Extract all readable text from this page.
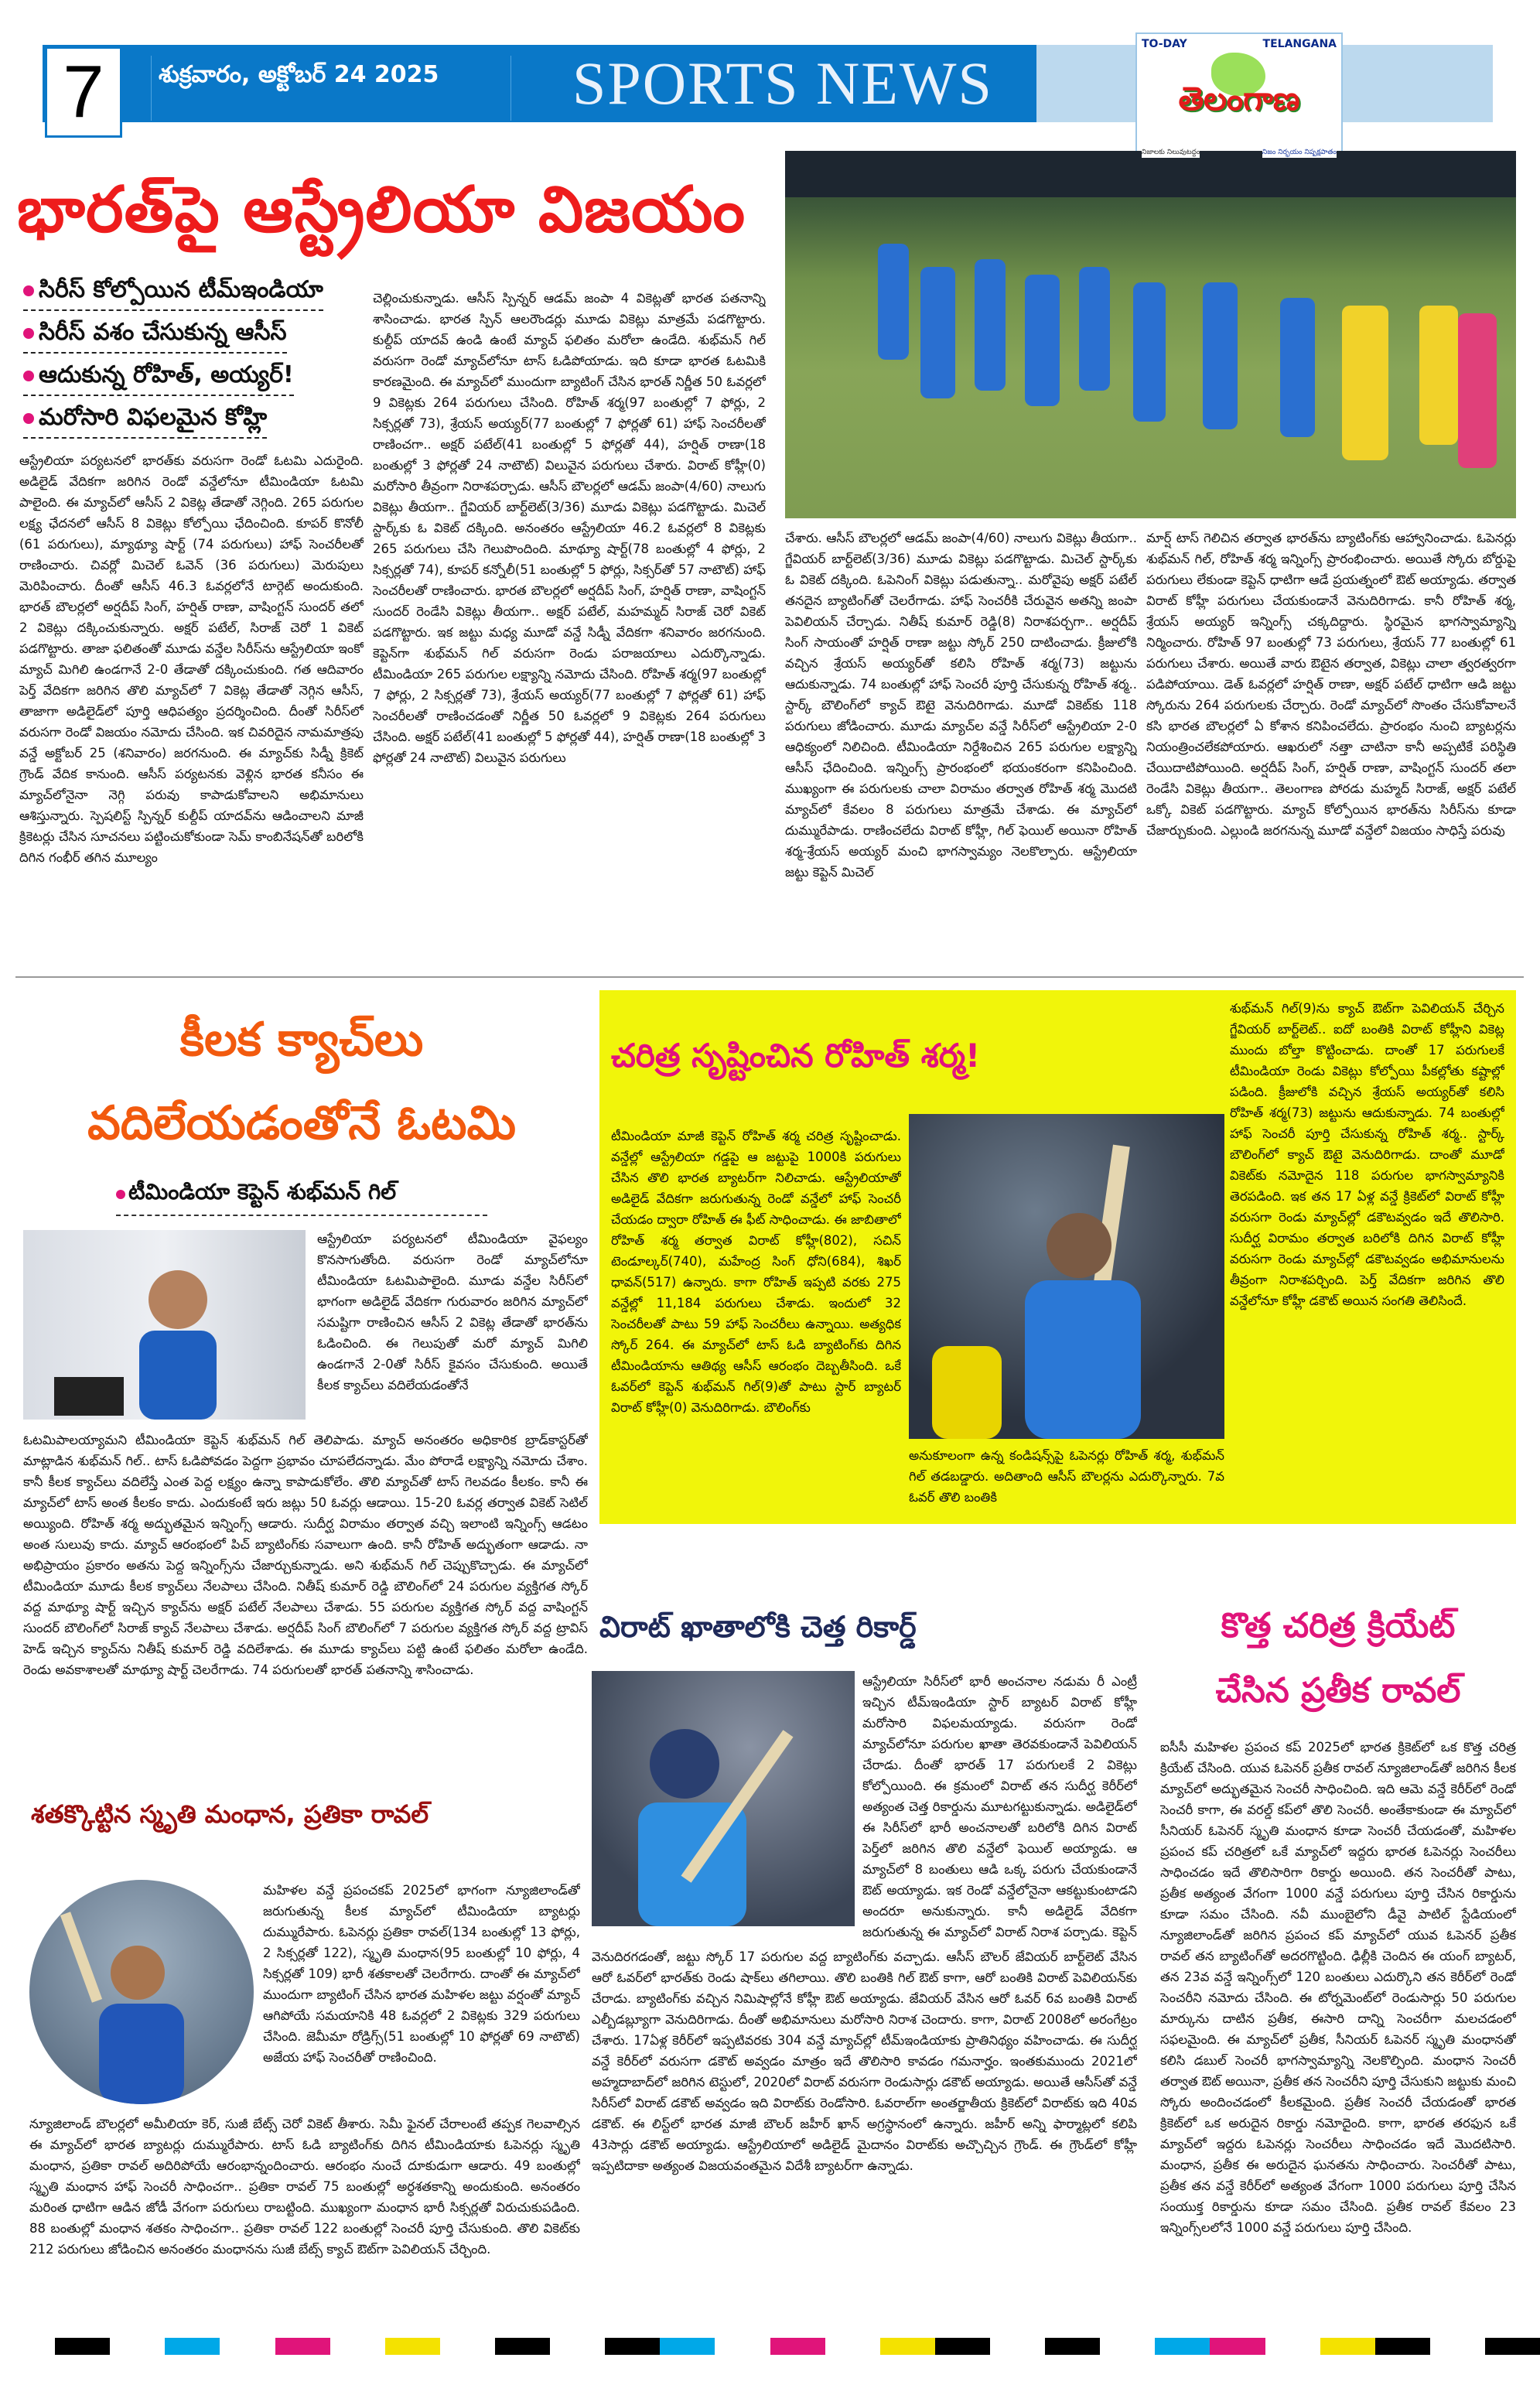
7	శుక్రవారం, అక్టోబర్ 24 2025 SPORTS NEWS
TO-DAY	TELANGANA
తెలంగాణ
నిజాలకు నిలువుటద్దం	నిజం నిర్భయం నిష్పక్షపాతం
భారత్‌పై ఆస్ట్రేలియా విజయం
సిరీస్ కోల్పోయిన టీమ్‌ఇండియా
సిరీస్ వశం చేసుకున్న ఆసీస్
ఆదుకున్న రోహిత్, అయ్యర్!
మరోసారి విఫలమైన కోహ్లి
ఆస్ట్రేలియా పర్యటనలో భారత్‌కు వరుసగా రెండో ఓటమి ఎదురైంది. అడిలైడ్ వేదికగా జరిగిన రెండో వన్డేలోనూ టీమిండియా ఓటమి పాలైంది. ఈ మ్యాచ్‌లో ఆసీస్ 2 వికెట్ల తేడాతో నెగ్గింది. 265 పరుగుల లక్ష్య ఛేదనలో ఆసీస్ 8 వికెట్లు కోల్పోయి ఛేదించింది. కూపర్ కొనోలీ (61 పరుగులు), మ్యాథ్యూ షార్ట్ (74 పరుగులు) హాఫ్ సెంచరీలతో రాణించారు. చివర్లో మిచెల్ ఓవెన్ (36 పరుగులు) మెరుపులు మెరిపించారు. దీంతో ఆసీస్ 46.3 ఓవర్లలోనే టార్గెట్ అందుకుంది. భారత్ బౌలర్లలో అర్షదీప్ సింగ్, హర్షిత్ రాణా, వాషింగ్టన్ సుందర్ తలో 2 వికెట్లు దక్కించుకున్నారు. అక్షర్ పటేల్, సిరాజ్ చెరో 1 వికెట్ పడగొట్టారు. తాజా ఫలితంతో మూడు వన్డేల సిరీస్‌ను ఆస్ట్రేలియా ఇంకో మ్యాచ్ మిగిలి ఉండగానే 2-0 తేడాతో దక్కించుకుంది. గత ఆదివారం పెర్త్ వేదికగా జరిగిన తొలి మ్యాచ్‌లో 7 వికెట్ల తేడాతో నెగ్గిన ఆసీస్, తాజాగా అడిలైడ్‌లో పూర్తి ఆధిపత్యం ప్రదర్శించింది. దీంతో సిరీస్‌లో వరుసగా రెండో విజయం నమోదు చేసింది. ఇక చివరిదైన నామమాత్రపు వన్డే అక్టోబర్ 25 (శనివారం) జరగనుంది. ఈ మ్యాచ్‌కు సిడ్నీ క్రికెట్ గ్రౌండ్ వేదిక కానుంది. ఆసీస్ పర్యటనకు వెళ్లిన భారత కనీసం ఈ మ్యాచ్‌లోనైనా నెగ్గి పరువు కాపాడుకోవాలని అభిమానులు ఆశిస్తున్నారు. స్పెషలిస్ట్ స్పిన్నర్ కుల్దీప్ యాదవ్‌ను ఆడించాలని మాజీ క్రికెటర్లు చేసిన సూచనలు పట్టించుకోకుండా సెమ్ కాంబినేషన్‌తో బరిలోకి దిగిన గంభీర్ తగిన మూల్యం
చెల్లించుకున్నాడు. ఆసీస్ స్పిన్నర్ ఆడమ్ జంపా 4 వికెట్లతో భారత పతనాన్ని శాసించాడు. భారత స్పిన్ ఆలరౌండర్లు మూడు వికెట్లు మాత్రమే పడగొట్టారు. కుల్దీప్ యాదవ్ ఉండి ఉంటే మ్యాచ్ ఫలితం మరోలా ఉండేది. శుభ్‌మన్ గిల్ వరుసగా రెండో మ్యాచ్‌లోనూ టాస్ ఓడిపోయాడు. ఇది కూడా భారత ఓటమికి కారణమైంది. ఈ మ్యాచ్‌లో ముందుగా బ్యాటింగ్ చేసిన భారత్ నిర్ణీత 50 ఓవర్లలో 9 వికెట్లకు 264 పరుగులు చేసింది. రోహిత్ శర్మ(97 బంతుల్లో 7 ఫోర్లు, 2 సిక్సర్లతో 73), శ్రేయస్ అయ్యర్(77 బంతుల్లో 7 ఫోర్లతో 61) హాఫ్ సెంచరీలతో రాణించగా.. అక్షర్ పటేల్(41 బంతుల్లో 5 ఫోర్లతో 44), హర్షిత్ రాణా(18 బంతుల్లో 3 ఫోర్లతో 24 నాటౌట్) విలువైన పరుగులు చేశారు. విరాట్ కోహ్లీ(0) మరోసారి తీవ్రంగా నిరాశపర్చాడు. ఆసీస్ బౌలర్లలో ఆడమ్ జంపా(4/60) నాలుగు వికెట్లు తీయగా.. గ్జేవియర్ బార్ట్‌లెట్(3/36) మూడు వికెట్లు పడగొట్టాడు. మిచెల్ స్టార్క్‌కు ఓ వికెట్ దక్కింది. అనంతరం ఆస్ట్రేలియా 46.2 ఓవర్లలో 8 వికెట్లకు 265 పరుగులు చేసి గెలుపొందింది. మాథ్యూ షార్ట్(78 బంతుల్లో 4 ఫోర్లు, 2 సిక్సర్లతో 74), కూపర్ కన్నోలీ(51 బంతుల్లో 5 ఫోర్లు, సిక్సర్‌తో 57 నాటౌట్) హాఫ్ సెంచరీలతో రాణించారు. భారత బౌలర్లలో అర్షదీప్ సింగ్, హర్షిత్ రాణా, వాషింగ్టన్ సుందర్ రెండేసి వికెట్లు తీయగా.. అక్షర్ పటేల్, మహమ్మద్ సిరాజ్ చెరో వికెట్ పడగొట్టారు. ఇక జట్టు మధ్య మూడో వన్డే సిడ్నీ వేదికగా శనివారం జరగనుంది. కెప్టెన్‌గా శుభ్‌మన్ గిల్ వరుసగా రెండు పరాజయాలు ఎదుర్కొన్నాడు. టీమిండియా 265 పరుగుల లక్ష్యాన్ని నమోదు చేసింది. రోహిత్ శర్మ(97 బంతుల్లో 7 ఫోర్లు, 2 సిక్సర్లతో 73), శ్రేయస్ అయ్యర్(77 బంతుల్లో 7 ఫోర్లతో 61) హాఫ్ సెంచరీలతో రాణించడంతో నిర్ణీత 50 ఓవర్లలో 9 వికెట్లకు 264 పరుగులు చేసింది. అక్షర్ పటేల్(41 బంతుల్లో 5 ఫోర్లతో 44), హర్షిత్ రాణా(18 బంతుల్లో 3 ఫోర్లతో 24 నాటౌట్) విలువైన పరుగులు
చేశారు. ఆసీస్ బౌలర్లలో ఆడమ్ జంపా(4/60) నాలుగు వికెట్లు తీయగా.. గ్జేవియర్ బార్ట్‌లెట్(3/36) మూడు వికెట్లు పడగొట్టాడు. మిచెల్ స్టార్క్‌కు ఓ వికెట్ దక్కింది. ఓపెనింగ్ వికెట్లు పడుతున్నా.. మరోవైపు అక్షర్ పటేల్ తనదైన బ్యాటింగ్‌తో చెలరేగాడు. హాఫ్ సెంచరీకి చేరువైన అతన్ని జంపా పెవిలియన్ చేర్చాడు. నితీష్ కుమార్ రెడ్డి(8) నిరాశపర్చగా.. అర్షదీప్ సింగ్ సాయంతో హర్షిత్ రాణా జట్టు స్కోర్ 250 దాటించాడు. క్రీజులోకి వచ్చిన శ్రేయస్ అయ్యర్‌తో కలిసి రోహిత్ శర్మ(73) జట్టును ఆదుకున్నాడు. 74 బంతుల్లో హాఫ్ సెంచరీ పూర్తి చేసుకున్న రోహిత్ శర్మ.. స్టార్క్ బౌలింగ్‌లో క్యాచ్ ఔటై వెనుదిరిగాడు. మూడో వికెట్‌కు 118 పరుగులు జోడించారు. మూడు మ్యాచ్‌ల వన్డే సిరీస్‌లో ఆస్ట్రేలియా 2-0 ఆధిక్యంలో నిలిచింది. టీమిండియా నిర్దేశించిన 265 పరుగుల లక్ష్యాన్ని ఆసీస్ ఛేదించింది. ఇన్నింగ్స్ ప్రారంభంలో భయంకరంగా కనిపించింది. ముఖ్యంగా ఈ పరుగులకు చాలా విరామం తర్వాత రోహిత్ శర్మ మొదటి మ్యాచ్‌లో కేవలం 8 పరుగులు మాత్రమే చేశాడు. ఈ మ్యాచ్‌లో దుమ్మురేపాడు. రాణించలేదు విరాట్ కోహ్లీ, గిల్ ఫెయిల్ అయినా రోహిత్ శర్మ-శ్రేయస్ అయ్యర్ మంచి భాగస్వామ్యం నెలకొల్పారు. ఆస్ట్రేలియా జట్టు కెప్టెన్ మిచెల్
మార్ష్ టాస్ గెలిచిన తర్వాత భారత్‌ను బ్యాటింగ్‌కు ఆహ్వానించాడు. ఓపెనర్లు శుభ్‌మన్ గిల్, రోహిత్ శర్మ ఇన్నింగ్స్ ప్రారంభించారు. అయితే స్కోరు బోర్డుపై పరుగులు లేకుండా కెప్టెన్ ధాటిగా ఆడే ప్రయత్నంలో ఔట్ అయ్యాడు. తర్వాత విరాట్ కోహ్లీ పరుగులు చేయకుండానే వెనుదిరిగాడు. కానీ రోహిత్ శర్మ, శ్రేయస్ అయ్యర్ ఇన్నింగ్స్ చక్కదిద్దారు. స్థిరమైన భాగస్వామ్యాన్ని నిర్మించారు. రోహిత్ 97 బంతుల్లో 73 పరుగులు, శ్రేయస్ 77 బంతుల్లో 61 పరుగులు చేశారు. అయితే వారు ఔటైన తర్వాత, వికెట్లు చాలా త్వరత్వరగా పడిపోయాయి. డెత్ ఓవర్లలో హర్షిత్ రాణా, అక్షర్ పటేల్ ధాటిగా ఆడి జట్టు స్కోరును 264 పరుగులకు చేర్చారు. రెండో మ్యాచ్‌లో సొంతం చేసుకోవాలనే కసి భారత బౌలర్లలో ఏ కోశాన కనిపించలేదు. ప్రారంభం నుంచి బ్యాటర్లను నియంత్రించలేకపోయారు. ఆఖరులో నత్తా చాటినా కానీ అప్పటికే పరిస్థితి చేయిదాటిపోయింది. అర్షదీప్ సింగ్, హర్షిత్ రాణా, వాషింగ్టన్ సుందర్ తలా రెండేసి వికెట్లు తీయగా.. తెలంగాణ పోరడు మహ్మద్ సిరాజ్, అక్షర్ పటేల్ ఒక్కో వికెట్ పడగొట్టారు. మ్యాచ్ కోల్పోయిన భారత్‌ను సిరీస్‌ను కూడా చేజార్చుకుంది. ఎల్లుండి జరగనున్న మూడో వన్డేలో విజయం సాధిస్తే పరువు
కీలక క్యాచ్‌లు
వదిలేయడంతోనే ఓటమి
టీమిండియా కెప్టెన్ శుభ్‌మన్ గిల్
ఆస్ట్రేలియా పర్యటనలో టీమిండియా వైఫల్యం కొనసాగుతోంది. వరుసగా రెండో మ్యాచ్‌లోనూ టీమిండియా ఓటమిపాలైంది. మూడు వన్డేల సిరీస్‌లో భాగంగా అడిలైడ్ వేదికగా గురువారం జరిగిన మ్యాచ్‌లో సమష్టిగా రాణించిన ఆసీస్ 2 వికెట్ల తేడాతో భారత్‌ను ఓడించింది. ఈ గెలుపుతో మరో మ్యాచ్ మిగిలి ఉండగానే 2-0తో సిరీస్ కైవసం చేసుకుంది. అయితే కీలక క్యాచ్‌లు వదిలేయడంతోనే
ఓటమిపాలయ్యామని టీమిండియా కెప్టెన్ శుభ్‌మన్ గిల్ తెలిపాడు. మ్యాచ్ అనంతరం అధికారిక బ్రాడ్‌కాస్టర్‌తో మాట్లాడిన శుభ్‌మన్ గిల్.. టాస్ ఓడిపోవడం పెద్దగా ప్రభావం చూపలేదన్నాడు. మేం పోరాడే లక్ష్యాన్ని నమోదు చేశాం. కానీ కీలక క్యాచ్‌లు వదిలేస్తే ఎంత పెద్ద లక్ష్యం ఉన్నా కాపాడుకోలేం. తొలి మ్యాచ్‌తో టాస్ గెలవడం కీలకం. కానీ ఈ మ్యాచ్‌లో టాస్ అంత కీలకం కాదు. ఎందుకంటే ఇరు జట్లు 50 ఓవర్లు ఆడాయి. 15-20 ఓవర్ల తర్వాత వికెట్ సెటిల్ అయ్యింది. రోహిత్ శర్మ అద్భుతమైన ఇన్నింగ్స్ ఆడారు. సుదీర్ఘ విరామం తర్వాత వచ్చి ఇలాంటి ఇన్నింగ్స్ ఆడటం అంత సులువు కాదు. మ్యాచ్ ఆరంభంలో పిచ్ బ్యాటింగ్‌కు సవాలుగా ఉంది. కానీ రోహిత్ అద్భుతంగా ఆడాడు. నా అభిప్రాయం ప్రకారం అతను పెద్ద ఇన్నింగ్స్‌ను చేజార్చుకున్నాడు. అని శుభ్‌మన్ గిల్ చెప్పుకొచ్చాడు. ఈ మ్యాచ్‌లో టీమిండియా మూడు కీలక క్యాచ్‌లు నేలపాలు చేసింది. నితీష్ కుమార్ రెడ్డి బౌలింగ్‌లో 24 పరుగుల వ్యక్తిగత స్కోర్ వద్ద మాథ్యూ షార్ట్ ఇచ్చిన క్యాచ్‌ను అక్షర్ పటేల్ నేలపాలు చేశాడు. 55 పరుగుల వ్యక్తిగత స్కోర్ వద్ద వాషింగ్టన్ సుందర్ బౌలింగ్‌లో సిరాజ్ క్యాచ్ నేలపాలు చేశాడు. అర్షదీప్ సింగ్ బౌలింగ్‌లో 7 పరుగుల వ్యక్తిగత స్కోర్ వద్ద ట్రావిస్ హెడ్ ఇచ్చిన క్యాచ్‌ను నితీష్ కుమార్ రెడ్డి వదిలేశాడు. ఈ మూడు క్యాచ్‌లు పట్టి ఉంటే ఫలితం మరోలా ఉండేది. రెండు అవకాశాలతో మాథ్యూ షార్ట్ చెలరేగాడు. 74 పరుగులతో భారత్ పతనాన్ని శాసించాడు.
చరిత్ర సృష్టించిన రోహిత్ శర్మ!
శుభ్‌మన్ గిల్(9)ను క్యాచ్ ఔట్‌గా పెవిలియన్ చేర్చిన గ్జేవియర్ బార్ట్‌లెట్.. ఐదో బంతికి విరాట్ కోహ్లీని వికెట్ల ముందు బోల్తా కొట్టించాడు. దాంతో 17 పరుగులకే టీమిండియా రెండు వికెట్లు కోల్పోయి పీకల్లోతు కష్టాల్లో పడింది. క్రీజులోకి వచ్చిన శ్రేయస్ అయ్యర్‌తో కలిసి రోహిత్ శర్మ(73) జట్టును ఆదుకున్నాడు. 74 బంతుల్లో హాఫ్ సెంచరీ పూర్తి చేసుకున్న రోహిత్ శర్మ.. స్టార్క్ బౌలింగ్‌లో క్యాచ్ ఔటై వెనుదిరిగాడు. దాంతో మూడో వికెట్‌కు నమోదైన 118 పరుగుల భాగస్వామ్యానికి తెరపడింది. ఇక తన 17 ఏళ్ల వన్డే క్రికెట్‌లో విరాట్ కోహ్లీ వరుసగా రెండు మ్యాచ్‌ల్లో డకౌటవ్వడం ఇదే తొలిసారి. సుదీర్ఘ విరామం తర్వాత బరిలోకి దిగిన విరాట్ కోహ్లీ వరుసగా రెండు మ్యాచ్‌ల్లో డకౌటవ్వడం అభిమానులను తీవ్రంగా నిరాశపర్చింది. పెర్త్ వేదికగా జరిగిన తొలి వన్డేలోనూ కోహ్లీ డకౌట్ అయిన సంగతి తెలిసిందే.
టీమిండియా మాజీ కెప్టెన్ రోహిత్ శర్మ చరిత్ర సృష్టించాడు. వన్డేల్లో ఆస్ట్రేలియా గడ్డపై ఆ జట్టుపై 1000కి పరుగులు చేసిన తొలి భారత బ్యాటర్‌గా నిలిచాడు. ఆస్ట్రేలియాతో అడిలైడ్ వేదికగా జరుగుతున్న రెండో వన్డేలో హాఫ్ సెంచరీ చేయడం ద్వారా రోహిత్ ఈ ఫీట్ సాధించాడు. ఈ జాబితాలో రోహిత్ శర్మ తర్వాత విరాట్ కోహ్లీ(802), సచిన్ టెండూల్కర్(740), మహేంద్ర సింగ్ ధోని(684), శిఖర్ ధావన్(517) ఉన్నారు. కాగా రోహిత్ ఇప్పటి వరకు 275 వన్డేల్లో 11,184 పరుగులు చేశాడు. ఇందులో 32 సెంచరీలతో పాటు 59 హాఫ్ సెంచరీలు ఉన్నాయి. అత్యధిక స్కోర్ 264. ఈ మ్యాచ్‌లో టాస్ ఓడి బ్యాటింగ్‌కు దిగిన టీమిండియాను ఆతిథ్య ఆసీస్ ఆరంభం దెబ్బతీసింది. ఒకే ఓవర్‌లో కెప్టెన్ శుభ్‌మన్ గిల్(9)తో పాటు స్టార్ బ్యాటర్ విరాట్ కోహ్లీ(0) వెనుదిరిగాడు. బౌలింగ్‌కు
అనుకూలంగా ఉన్న కండిషన్స్‌పై ఓపెనర్లు రోహిత్ శర్మ, శుభ్‌మన్ గిల్ తడబడ్డారు. అదితాంది ఆసీస్ బౌలర్లను ఎదుర్కొన్నారు. 7వ ఓవర్ తొలి బంతికి
విరాట్ ఖాతాలోకి చెత్త రికార్డ్
ఆస్ట్రేలియా సిరీస్‌లో భారీ అంచనాల నడుమ రీ ఎంట్రీ ఇచ్చిన టీమ్‌ఇండియా స్టార్ బ్యాటర్ విరాట్ కోహ్లీ మరోసారి విఫలమయ్యాడు. వరుసగా రెండో మ్యాచ్‌లోనూ పరుగుల ఖాతా తెరవకుండానే పెవిలియన్ చేరాడు. దీంతో భారత్ 17 పరుగులకే 2 వికెట్లు కోల్పోయింది. ఈ క్రమంలో విరాట్ తన సుదీర్ఘ కెరీర్‌లో అత్యంత చెత్త రికార్డును మూటగట్టుకున్నాడు. అడిలైడ్‌లో ఈ సిరీస్‌లో భారీ అంచనాలతో బరిలోకి దిగిన విరాట్ పెర్త్‌లో జరిగిన తొలి వన్డేలో ఫెయిల్ అయ్యాడు. ఆ మ్యాచ్‌లో 8 బంతులు ఆడి ఒక్క పరుగు చేయకుండానే ఔట్ అయ్యాడు. ఇక రెండో వన్డేలోనైనా ఆకట్టుకుంటాడని అందరూ అనుకున్నారు. కానీ అడిలైడ్ వేదికగా జరుగుతున్న ఈ మ్యాచ్‌లో విరాట్ నిరాశ పర్చాడు. కెప్టెన్
వెనుదిరగడంతో, జట్టు స్కోర్ 17 పరుగుల వద్ద బ్యాటింగ్‌కు వచ్చాడు. ఆసీస్ బౌలర్ జేవియర్ బార్ట్‌లెట్ వేసిన ఆరో ఓవర్‌లో భారత్‌కు రెండు షాక్‌లు తగిలాయి. తొలి బంతికి గిల్ ఔట్ కాగా, ఆరో బంతికి విరాట్ పెవిలియన్‌కు చేరాడు. బ్యాటింగ్‌కు వచ్చిన నిమిషాల్లోనే కోహ్లీ ఔట్ అయ్యాడు. జేవియర్ వేసిన ఆరో ఓవర్ 6వ బంతికి విరాట్ ఎల్బీడబ్ల్యూగా వెనుదిరిగాడు. దీంతో అభిమానులు మరోసారి నిరాశ చెందారు. కాగా, విరాట్ 2008లో అరంగేట్రం చేశారు. 17ఏళ్ల కెరీర్‌లో ఇప్పటివరకు 304 వన్డే మ్యాచ్‌ల్లో టీమ్‌ఇండియాకు ప్రాతినిథ్యం వహించాడు. ఈ సుదీర్ఘ వన్డే కెరీర్‌లో వరుసగా డకౌట్ అవ్వడం మాత్రం ఇదే తొలిసారి కావడం గమనార్హం. ఇంతకుముందు 2021లో అహ్మదాబాద్‌లో జరిగిన టెస్టులో, 2020లో విరాట్ వరుసగా రెండుసార్లు డకౌట్ అయ్యాడు. అయితే ఆసీస్‌తో వన్డే సిరీస్‌లో విరాట్ డకౌట్ అవ్వడం ఇది విరాట్‌కు రెండోసారి. ఓవరాల్‌గా అంతర్జాతీయ క్రికెట్‌లో విరాట్‌కు ఇది 40వ డకౌట్. ఈ లిస్ట్‌లో భారత మాజీ బౌలర్ జహీర్ ఖాన్ అగ్రస్థానంలో ఉన్నారు. జహీర్ అన్ని ఫార్మాట్లలో కలిపి 43సార్లు డకౌట్ అయ్యాడు. ఆస్ట్రేలియాలో అడిలైడ్ మైదానం విరాట్‌కు అచ్చొచ్చిన గ్రౌండ్. ఈ గ్రౌండ్‌లో కోహ్లీ ఇప్పటిదాకా అత్యంత విజయవంతమైన విదేశీ బ్యాటర్‌గా ఉన్నాడు.
కొత్త చరిత్ర క్రియేట్
చేసిన ప్రతీక రావల్
ఐసీసీ మహిళల ప్రపంచ కప్ 2025లో భారత క్రికెట్‌లో ఒక కొత్త చరిత్ర క్రియేట్ చేసింది. యువ ఓపెనర్ ప్రతీక రావల్ న్యూజిలాండ్‌తో జరిగిన కీలక మ్యాచ్‌లో అద్భుతమైన సెంచరీ సాధించింది. ఇది ఆమె వన్డే కెరీర్‌లో రెండో సెంచరీ కాగా, ఈ వరల్డ్ కప్‌లో తొలి సెంచరీ. అంతేకాకుండా ఈ మ్యాచ్‌లో సీనియర్ ఓపెనర్ స్మృతి మంధాన కూడా సెంచరీ చేయడంతో, మహిళల ప్రపంచ కప్ చరిత్రలో ఒకే మ్యాచ్‌లో ఇద్దరు భారత ఓపెనర్లు సెంచరీలు సాధించడం ఇదే తొలిసారిగా రికార్డు అయింది. తన సెంచరీతో పాటు, ప్రతీక అత్యంత వేగంగా 1000 వన్డే పరుగులు పూర్తి చేసిన రికార్డును కూడా సమం చేసింది. నవీ ముంబైలోని డీవై పాటిల్ స్టేడియంలో న్యూజిలాండ్‌తో జరిగిన ప్రపంచ కప్ మ్యాచ్‌లో యువ ఓపెనర్ ప్రతీక రావల్ తన బ్యాటింగ్‌తో అదరగొట్టింది. ఢిల్లీకి చెందిన ఈ యంగ్ బ్యాటర్, తన 23వ వన్డే ఇన్నింగ్స్‌లో 120 బంతులు ఎదుర్కొని తన కెరీర్‌లో రెండో సెంచరీని నమోదు చేసింది. ఈ టోర్నమెంట్‌లో రెండుసార్లు 50 పరుగుల మార్కును దాటిన ప్రతీక, ఈసారి దాన్ని సెంచరీగా మలచడంలో సఫలమైంది. ఈ మ్యాచ్‌లో ప్రతీక, సీనియర్ ఓపెనర్ స్మృతి మంధానతో కలిసి డబుల్ సెంచరీ భాగస్వామ్యాన్ని నెలకొల్పింది. మంధాన సెంచరీ తర్వాత ఔట్ అయినా, ప్రతీక తన సెంచరీని పూర్తి చేసుకుని జట్టుకు మంచి స్కోరు అందించడంలో కీలకమైంది. ప్రతీక సెంచరీ చేయడంతో భారత క్రికెట్‌లో ఒక అరుదైన రికార్డు నమోదైంది. కాగా, భారత తరఫున ఒకే మ్యాచ్‌లో ఇద్దరు ఓపెనర్లు సెంచరీలు సాధించడం ఇదే మొదటిసారి. మంధాన, ప్రతీక ఈ అరుదైన ఘనతను సాధించారు. సెంచరీతో పాటు, ప్రతీక తన వన్డే కెరీర్‌లో అత్యంత వేగంగా 1000 పరుగులు పూర్తి చేసిన సంయుక్త రికార్డును కూడా సమం చేసింది. ప్రతీక రావల్ కేవలం 23 ఇన్నింగ్స్‌లలోనే 1000 వన్డే పరుగులు పూర్తి చేసింది.
శతక్కొట్టిన స్మృతి మంధాన, ప్రతికా రావల్
మహిళల వన్డే ప్రపంచకప్ 2025లో భాగంగా న్యూజిలాండ్‌తో జరుగుతున్న కీలక మ్యాచ్‌లో టీమిండియా బ్యాటర్లు దుమ్మురేపారు. ఓపెనర్లు ప్రతికా రావల్(134 బంతుల్లో 13 ఫోర్లు, 2 సిక్సర్లతో 122), స్మృతి మంధాన(95 బంతుల్లో 10 ఫోర్లు, 4 సిక్సర్లతో 109) భారీ శతకాలతో చెలరేగారు. దాంతో ఈ మ్యాచ్‌లో ముందుగా బ్యాటింగ్ చేసిన భారత మహిళల జట్టు వర్షంతో మ్యాచ్ ఆగిపోయే సమయానికి 48 ఓవర్లలో 2 వికెట్లకు 329 పరుగులు చేసింది. జెమీమా రోడ్రిగ్స్(51 బంతుల్లో 10 ఫోర్లతో 69 నాటౌట్) అజేయ హాఫ్ సెంచరీతో రాణించింది.
న్యూజిలాండ్ బౌలర్లలో అమీలియా కెర్, సుజీ బేట్స్ చెరో వికెట్ తీశారు. సెమీ ఫైనల్ చేరాలంటే తప్పక గెలవాల్సిన ఈ మ్యాచ్‌లో భారత బ్యాటర్లు దుమ్మురేపారు. టాస్ ఓడి బ్యాటింగ్‌కు దిగిన టీమిండియాకు ఓపెనర్లు స్మృతి మంధాన, ప్రతికా రావల్ అదిరిపోయే ఆరంభాన్నందించారు. ఆరంభం నుంచే దూకుడుగా ఆడారు. 49 బంతుల్లో స్మృతి మంధాన హాఫ్ సెంచరీ సాధించగా.. ప్రతికా రావల్ 75 బంతుల్లో అర్ధశతకాన్ని అందుకుంది. అనంతరం మరింత ధాటిగా ఆడిన జోడీ వేగంగా పరుగులు రాబట్టింది. ముఖ్యంగా మంధాన భారీ సిక్సర్లతో విరుచుకుపడింది. 88 బంతుల్లో మంధాన శతకం సాధించగా.. ప్రతికా రావల్ 122 బంతుల్లో సెంచరీ పూర్తి చేసుకుంది. తొలి వికెట్‌కు 212 పరుగులు జోడించిన అనంతరం మంధానను సుజీ బేట్స్ క్యాచ్ ఔట్‌గా పెవిలియన్ చేర్చింది.
